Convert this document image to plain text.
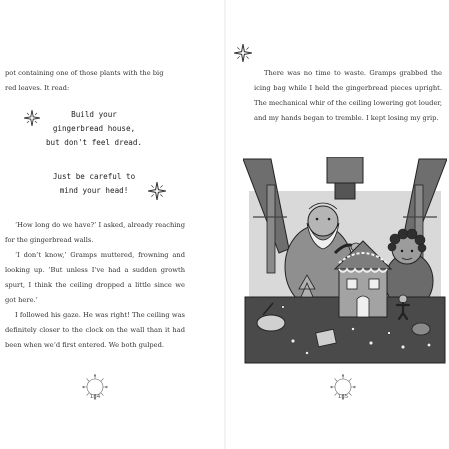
pot containing one of those plants with the big
red leaves. It read:

Build your
gingerbread house,
but don't feel dread.
Just be careful to
mind your head!

‘How long do we have?’ I asked, already reaching for the gingerbread walls.

‘I don’t know,’ Gramps muttered, frowning and looking up. ‘But unless I’ve had a sudden growth spurt, I think the ceiling dropped a little since we got here.’

I followed his gaze. He was right! The ceiling was definitely closer to the clock on the wall than it had been when we’d first entered. We both gulped.

$_{184}$

There was no time to waste. Gramps grabbed the icing bag while I held the gingerbread pieces upright. The mechanical whir of the ceiling lowering got louder, and my hands began to tremble. I kept losing my grip.

$_{185}$
